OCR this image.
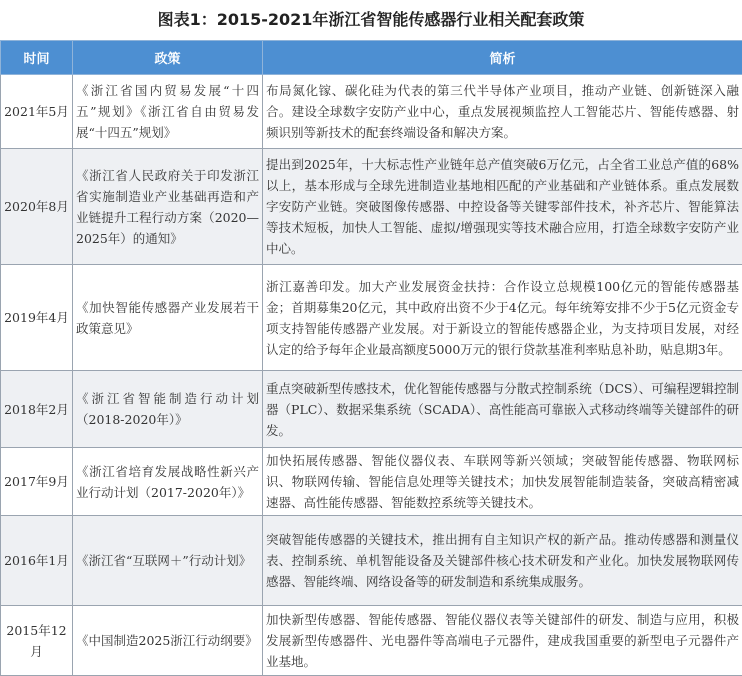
图表1：2015-2021年浙江省智能传感器行业相关配套政策
时间	政策	简析
2021年5月	《浙江省国内贸易发展“十四五”规划》《浙江省自由贸易发展“十四五”规划》	布局氮化镓、碳化硅为代表的第三代半导体产业项目，推动产业链、创新链深入融合。建设全球数字安防产业中心，重点发展视频监控人工智能芯片、智能传感器、射频识别等新技术的配套终端设备和解决方案。
2020年8月	《浙江省人民政府关于印发浙江省实施制造业产业基础再造和产业链提升工程行动方案（2020—2025年）的通知》	提出到2025年，十大标志性产业链年总产值突破6万亿元，占全省工业总产值的68%以上，基本形成与全球先进制造业基地相匹配的产业基础和产业链体系。重点发展数字安防产业链。突破图像传感器、中控设备等关键零部件技术，补齐芯片、智能算法等技术短板，加快人工智能、虚拟/增强现实等技术融合应用，打造全球数字安防产业中心。
2019年4月	《加快智能传感器产业发展若干政策意见》	浙江嘉善印发。加大产业发展资金扶持：合作设立总规模100亿元的智能传感器基金；首期募集20亿元，其中政府出资不少于4亿元。每年统筹安排不少于5亿元资金专项支持智能传感器产业发展。对于新设立的智能传感器企业，为支持项目发展，对经认定的给予每年企业最高额度5000万元的银行贷款基准利率贴息补助，贴息期3年。
2018年2月	《浙江省智能制造行动计划（2018-2020年）》	重点突破新型传感技术，优化智能传感器与分散式控制系统（DCS）、可编程逻辑控制器（PLC）、数据采集系统（SCADA）、高性能高可靠嵌入式移动终端等关键部件的研发。
2017年9月	《浙江省培育发展战略性新兴产业行动计划（2017-2020年）》	加快拓展传感器、智能仪器仪表、车联网等新兴领域；突破智能传感器、物联网标识、物联网传输、智能信息处理等关键技术；加快发展智能制造装备，突破高精密减速器、高性能传感器、智能数控系统等关键技术。
2016年1月	《浙江省“互联网＋”行动计划》	突破智能传感器的关键技术，推出拥有自主知识产权的新产品。推动传感器和测量仪表、控制系统、单机智能设备及关键部件核心技术研发和产业化。加快发展物联网传感器、智能终端、网络设备等的研发制造和系统集成服务。
2015年12月	《中国制造2025浙江行动纲要》	加快新型传感器、智能传感器、智能仪器仪表等关键部件的研发、制造与应用，积极发展新型传感器件、光电器件等高端电子元器件，建成我国重要的新型电子元器件产业基地。
